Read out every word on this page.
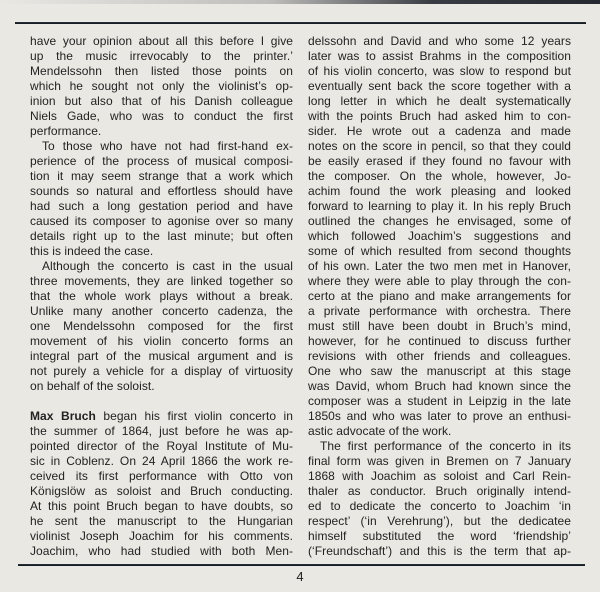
have your opinion about all this before I give
up the music irrevocably to the printer.’
Mendelssohn then listed those points on
which he sought not only the violinist’s op-
inion but also that of his Danish colleague
Niels Gade, who was to conduct the first
performance.
To those who have not had first-hand ex-
perience of the process of musical composi-
tion it may seem strange that a work which
sounds so natural and effortless should have
had such a long gestation period and have
caused its composer to agonise over so many
details right up to the last minute; but often
this is indeed the case.
Although the concerto is cast in the usual
three movements, they are linked together so
that the whole work plays without a break.
Unlike many another concerto cadenza, the
one Mendelssohn composed for the first
movement of his violin concerto forms an
integral part of the musical argument and is
not purely a vehicle for a display of virtuosity
on behalf of the soloist.
Max Bruch began his first violin concerto in
the summer of 1864, just before he was ap-
pointed director of the Royal Institute of Mu-
sic in Coblenz. On 24 April 1866 the work re-
ceived its first performance with Otto von
Königslöw as soloist and Bruch conducting.
At this point Bruch began to have doubts, so
he sent the manuscript to the Hungarian
violinist Joseph Joachim for his comments.
Joachim, who had studied with both Men-
delssohn and David and who some 12 years
later was to assist Brahms in the composition
of his violin concerto, was slow to respond but
eventually sent back the score together with a
long letter in which he dealt systematically
with the points Bruch had asked him to con-
sider. He wrote out a cadenza and made
notes on the score in pencil, so that they could
be easily erased if they found no favour with
the composer. On the whole, however, Jo-
achim found the work pleasing and looked
forward to learning to play it. In his reply Bruch
outlined the changes he envisaged, some of
which followed Joachim’s suggestions and
some of which resulted from second thoughts
of his own. Later the two men met in Hanover,
where they were able to play through the con-
certo at the piano and make arrangements for
a private performance with orchestra. There
must still have been doubt in Bruch’s mind,
however, for he continued to discuss further
revisions with other friends and colleagues.
One who saw the manuscript at this stage
was David, whom Bruch had known since the
composer was a student in Leipzig in the late
1850s and who was later to prove an enthusi-
astic advocate of the work.
The first performance of the concerto in its
final form was given in Bremen on 7 January
1868 with Joachim as soloist and Carl Rein-
thaler as conductor. Bruch originally intend-
ed to dedicate the concerto to Joachim ‘in
respect’ (‘in Verehrung’), but the dedicatee
himself substituted the word ‘friendship’
(‘Freundschaft’) and this is the term that ap-
4
